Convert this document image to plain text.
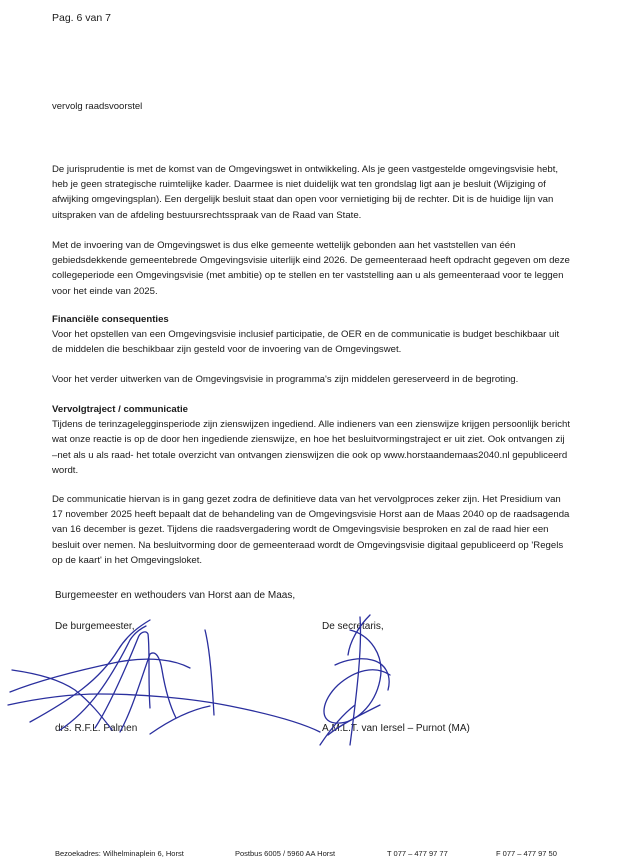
Pag. 6 van 7
vervolg raadsvoorstel

De jurisprudentie is met de komst van de Omgevingswet in ontwikkeling. Als je geen vastgestelde omgevingsvisie hebt, heb je geen strategische ruimtelijke kader. Daarmee is niet duidelijk wat ten grondslag ligt aan je besluit (Wijziging of afwijking omgevingsplan). Een dergelijk besluit staat dan open voor vernietiging bij de rechter. Dit is de huidige lijn van uitspraken van de afdeling bestuursrechtsspraak van de Raad van State.

Met de invoering van de Omgevingswet is dus elke gemeente wettelijk gebonden aan het vaststellen van één gebiedsdekkende gemeentebrede Omgevingsvisie uiterlijk eind 2026. De gemeenteraad heeft opdracht gegeven om deze collegeperiode een Omgevingsvisie (met ambitie) op te stellen en ter vaststelling aan u als gemeenteraad voor te leggen voor het einde van 2025.

Financiële consequenties

Voor het opstellen van een Omgevingsvisie inclusief participatie, de OER en de communicatie is budget beschikbaar uit de middelen die beschikbaar zijn gesteld voor de invoering van de Omgevingswet.

Voor het verder uitwerken van de Omgevingsvisie in programma's zijn middelen gereserveerd in de begroting.

Vervolgtraject / communicatie

Tijdens de terinzagelegginsperiode zijn zienswijzen ingediend. Alle indieners van een zienswijze krijgen persoonlijk bericht wat onze reactie is op de door hen ingediende zienswijze, en hoe het besluitvormingstraject er uit ziet. Ook ontvangen zij –net als u als raad- het totale overzicht van ontvangen zienswijzen die ook op www.horstaandemaas2040.nl gepubliceerd wordt.

De communicatie hiervan is in gang gezet zodra de definitieve data van het vervolgproces zeker zijn. Het Presidium van 17 november 2025 heeft bepaalt dat de behandeling van de Omgevingsvisie Horst aan de Maas 2040 op de raadsagenda van 16 december is gezet. Tijdens die raadsvergadering wordt de Omgevingsvisie besproken en zal de raad hier een besluit over nemen. Na besluitvorming door de gemeenteraad wordt de Omgevingsvisie digitaal gepubliceerd op 'Regels op de kaart' in het Omgevingsloket.

Burgemeester en wethouders van Horst aan de Maas,
De burgemeester,	De secretaris,
drs. R.F.L. Palmen	A.M.L.T. van Iersel – Purnot (MA)
Bezoekadres: Wilhelminaplein 6, Horst	Postbus 6005 / 5960 AA Horst	T 077 – 477 97 77	F 077 – 477 97 50
